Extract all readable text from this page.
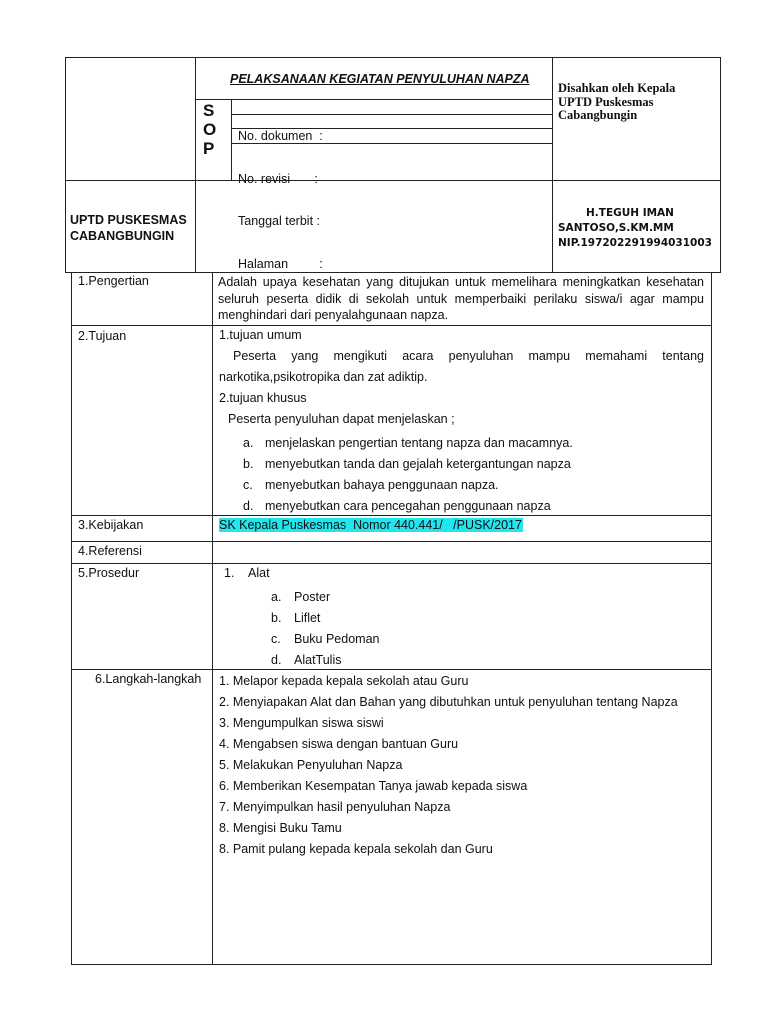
PELAKSANAAN KEGIATAN PENYULUHAN NAPZA
S
O
P

No. dokumen  :

No. revisi       :

Tanggal terbit :

Halaman         :

Disahkan oleh Kepala
UPTD Puskesmas
Cabangbungin
UPTD PUSKESMAS
CABANGBUNGIN
H.TEGUH IMAN
SANTOSO,S.KM.MM
NIP.197202291994031003
1.Pengertian	Adalah upaya kesehatan yang ditujukan untuk memelihara meningkatkan kesehatan
seluruh peserta didik di sekolah untuk memperbaiki perilaku siswa/i agar mampu
menghindari dari penyalahgunaan napza.
2.Tujuan	1.tujuan umum
Peserta yang mengikuti acara penyuluhan mampu memahami tentang
narkotika,psikotropika dan zat adiktip.
2.tujuan khusus
Peserta penyuluhan dapat menjelaskan ;
a. menjelaskan pengertian tentang napza dan macamnya.
b. menyebutkan tanda dan gejalah ketergantungan napza
c. menyebutkan bahaya penggunaan napza.
d. menyebutkan cara pencegahan penggunaan napza
3.Kebijakan	SK Kepala Puskesmas  Nomor 440.441/   /PUSK/2017
4.Referensi
5.Prosedur	1. Alat
a. Poster
b. Liflet
c. Buku Pedoman
d. AlatTulis
6.Langkah-langkah 1. Melapor kepada kepala sekolah atau Guru
2. Menyiapakan Alat dan Bahan yang dibutuhkan untuk penyuluhan tentang Napza
3. Mengumpulkan siswa siswi
4. Mengabsen siswa dengan bantuan Guru
5. Melakukan Penyuluhan Napza
6. Memberikan Kesempatan Tanya jawab kepada siswa
7. Menyimpulkan hasil penyuluhan Napza
8. Mengisi Buku Tamu
8. Pamit pulang kepada kepala sekolah dan Guru
